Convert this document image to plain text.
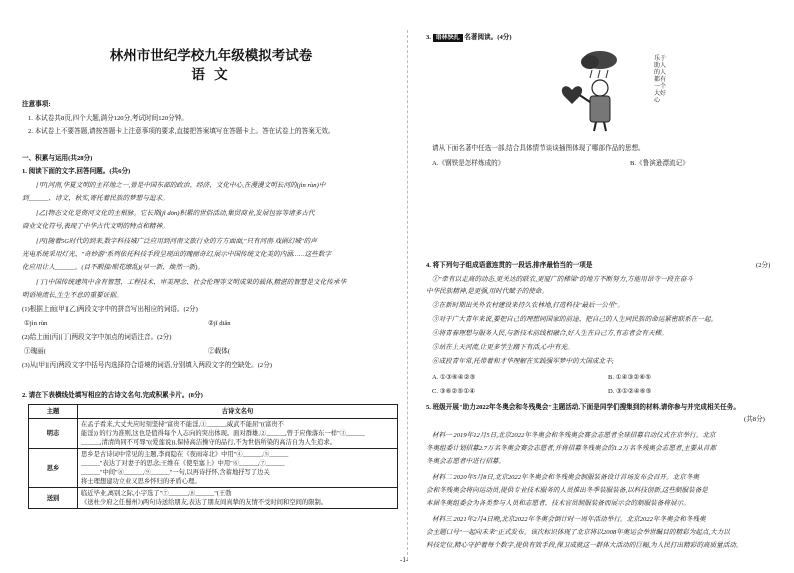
林州市世纪学校九年级模拟考试卷
语 文
注意事项:
1. 本试卷共8页,四个大题,满分120分,考试时间120分钟。
2. 本试卷上不要答题,请按答题卡上注意事项的要求,直接把答案填写在答题卡上。答在试卷上的答案无效。
一、积累与运用(共28分)
1. 阅读下面的文字,回答问题。(共6分)
[甲]河南,华夏文明的主祥地之一,曾是中国东部的政治、经济、文化中心,在漫漫文明长河的(jìn rùn)中
到______、诗文、秋实,寄托着民族的梦想与追求。
[乙]物态文化是资河文化的主根脉。它长期(jǐ dōn)积累的世俗活动,集贸商业,发展包容等诸多古代
商业文化符号,表现了中华古代文明的特点和精神。
[丙]随着5G时代的到来,数字科技城广泛应用到河南文旅行业的方方面面,"只有河南·戏剧幻城"的声
光电系统采用灯光、"奇妙游"系列依托科技手段呈现出的瑰丽奇幻,展示中国传统文化美的内涵……这些数字
化应用让人______。(目不暇接/眼花缭乱)(早一新、焕然一新)。
[丁]中国传统建筑中含有智慧、工程技术、审美理念、社会伦理等文明成果的载体,精湛的智慧是文化传承华
明语境流长,生生不息的重要证据。
(1)根据上面[甲][乙]两段文字中的拼音写出相应的词语。(2分)
①jìn rùn	②jǐ diǎn
(2)给上面[丙][丁]两段文字中加点的词语注音。(2分)
①瑰丽(	②载体(
(3)从[甲][丙]两段文字中括号内选择符合语境的词语,分别填入两段文字的空缺处。(2分)
2. 请在下表横线处填写相应的古诗文名句,完成积累卡片。(8分)
主题	古诗文名句
明志	在孟子看来,大丈夫应时刻坚持"富贵不能淫,①______,威武不能屈"((富贵不
能淫)) 的行为准则,这也是值得每个人志向的突出体现。面对群雄,②______,曾于应像落东一样"③______
______,清清尚同不可辱"((爱莲说)),保持高洁操守的品行,不为世俗所染的高洁自为人生追求。

思乡	思乡是古诗词中常见的主题,李商隐在《夜雨寄北》中用"④______,⑤______
______"表达了对妻子的思念;王维在《使至塞上》中用"⑥______,⑦______
______"中间"⑧______,⑨______"一句,以再诗抒怀,含蓄地抒写了边关
将士理想建功立业又思乡怀归的矛盾心理。

送别	临近毕业,离别之际,小宇选了"⑦______,⑧______"(王勃
《送杜少府之任蜀州》)两句诗送给朋友,表达了朋友间真挚的友情不受时间和空间的限制。
3. 语林快扎 名著阅读。(4分)
乐于助人的人都有一个大好心
请从下面名著中任选一部,结合具体情节谈谈插图体现了哪部作品的思想。
A.《钢铁是怎样炼成的》	B.《鲁滨逊漂流记》
4. 将下列句子组成语意连贯的一段话,排序最恰当的一项是	(2分)
①"牵有以走高的动态,更关达的联农,更厦广的梯梁"的地方不断努力,方能用昂寺一段在奋斗
中华民族精神,是更强,用时代赋予的使命。
②在新时期出关外农村建设来持久农林地,打造科技"最后一公里"。
③对于广大青年来说,要把自己的理想同国家的前途、把自己的人生同民族的命运紧密联系在一起。
④将青春理想与服务人民,与新技术前线相融合,好人生在自己方,有志者会有天梯。
⑤站在上天河流,让更多学生踏下有活,心中有光。
⑥成投青年常,托带着和才华理解在实践强军梦中的大国成北丰;
A. ①③⑥④②⑤	B. ①④③②⑥⑤
C. ③⑥②⑤①④	D. ③①②④⑥⑤
5. 班级开展"助力2022年冬奥会和冬残奥会"主题活动,下面是同学们搜集到的材料,请你参与并完成相关任务。
(共8分)
材料一 2019年12月5日,北京2022年冬奥会和冬残奥会赛会志愿者全球招募启动仪式在京举行。北京
冬奥组委计划招募2.7万名冬奥会赛会志愿者,并将招募冬残奥会的1.2万名冬残奥会志愿者,主要从首都
冬奥会志愿者中进行招募。
材料二 2020年5月8日,北京2022年冬奥会和冬残奥会制服装备设计首场发布会召开。北京冬奥
会和冬残奥会将向运动员,提供专业技术服务的人员推出冬季装服装备,以科技创新,这些制服装备是
本届冬奥组委会为各类参与人员和志愿者、技术官员制服装备而展示会的制服装备将展示。
材料三 2021年2月4日晚,北京2022年冬奥会倒计时一周年活动举行。北京2022年冬奥会和冬残奥
会主题口号"一起向未来"正式发布。该次标识体现了北京将以2008年奥运会举世瞩目的精彩为起点,大力以
科技定位,精心守护着每个数字,提供有效手段,保卫成就这一群体大活动的巨幅,为人民打出精彩的高质量活动。
-1-
